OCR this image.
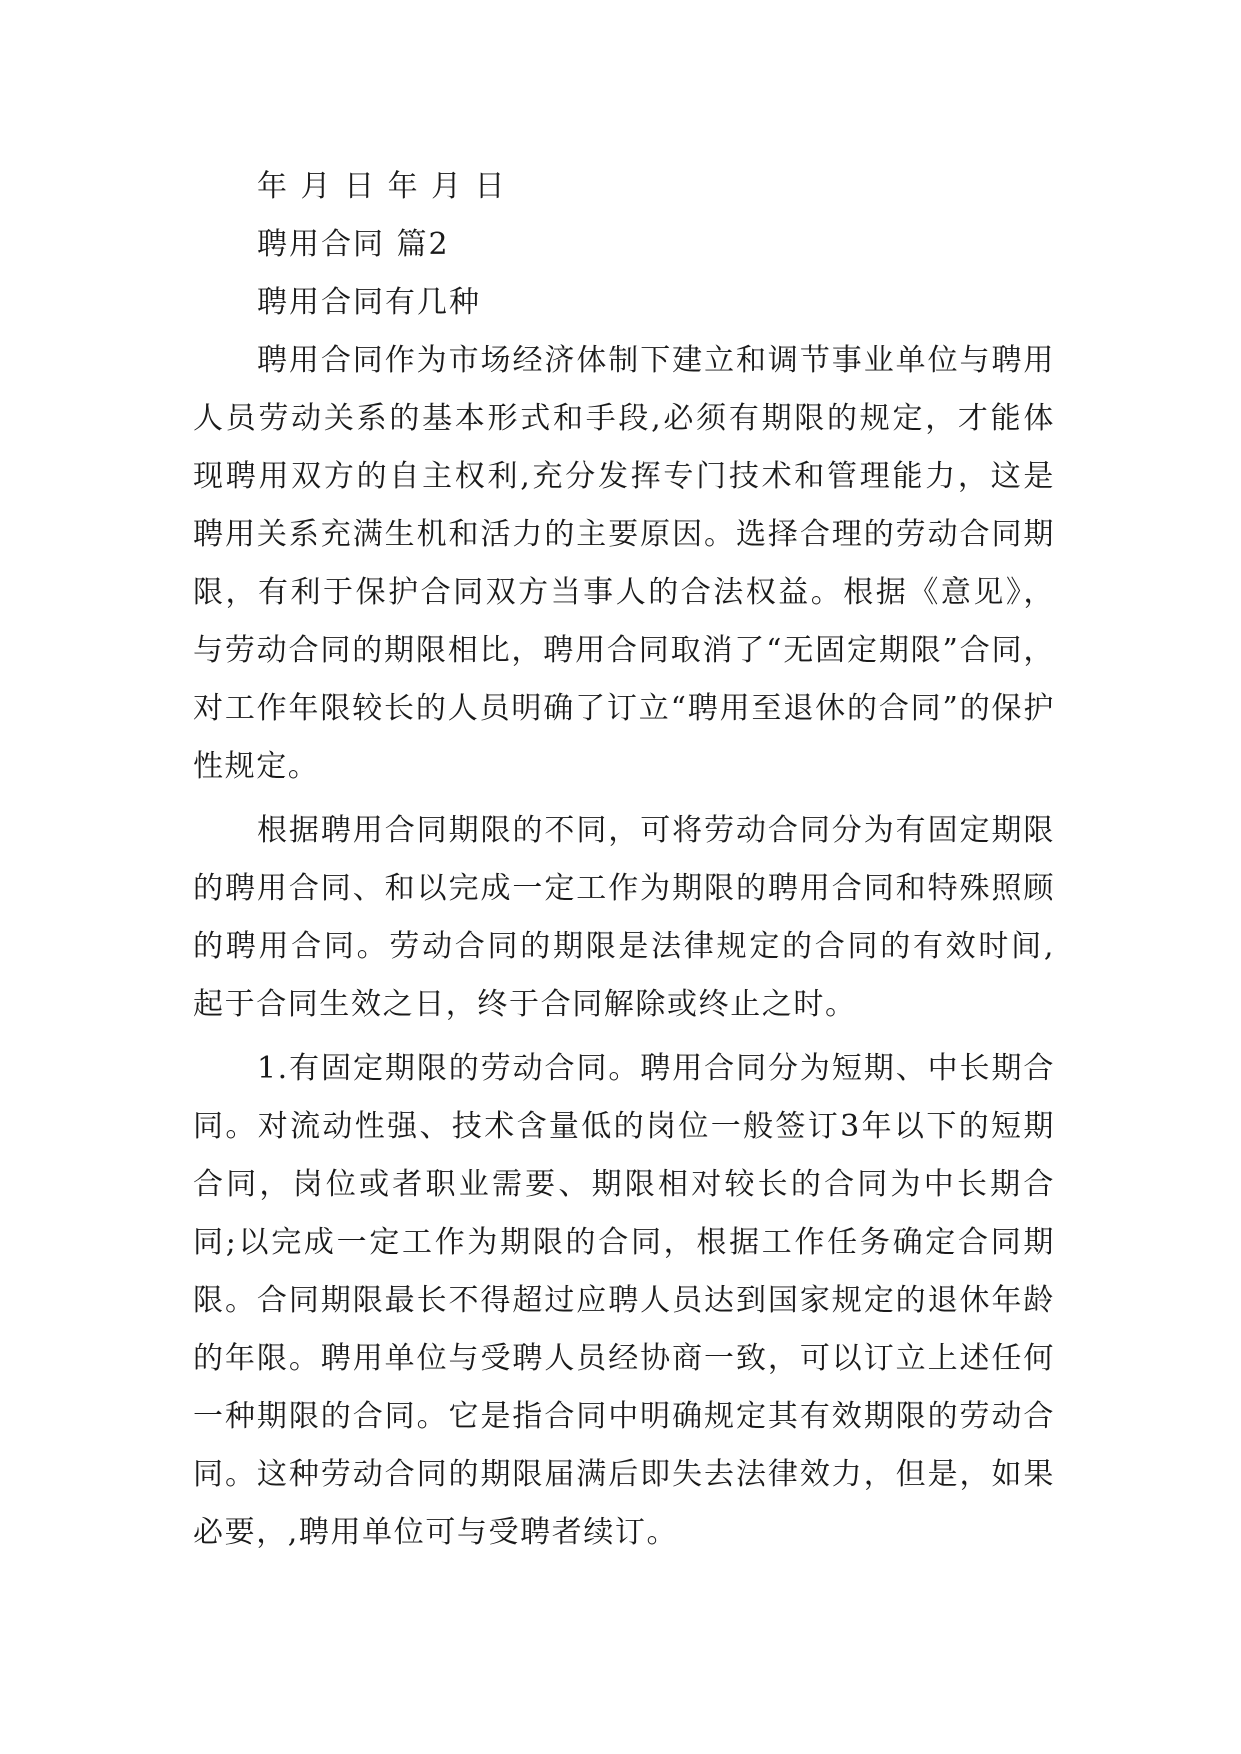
年 月 日 年 月 日
聘用合同 篇2
聘用合同有几种

聘用合同作为市场经济体制下建立和调节事业单位与聘用人员劳动关系的基本形式和手段,必须有期限的规定，才能体现聘用双方的自主权利,充分发挥专门技术和管理能力，这是聘用关系充满生机和活力的主要原因。选择合理的劳动合同期限，有利于保护合同双方当事人的合法权益。根据《意见》，与劳动合同的期限相比，聘用合同取消了“无固定期限”合同，对工作年限较长的人员明确了订立“聘用至退休的合同”的保护性规定。

根据聘用合同期限的不同，可将劳动合同分为有固定期限的聘用合同、和以完成一定工作为期限的聘用合同和特殊照顾的聘用合同。劳动合同的期限是法律规定的合同的有效时间,起于合同生效之日，终于合同解除或终止之时。

1.有固定期限的劳动合同。聘用合同分为短期、中长期合同。对流动性强、技术含量低的岗位一般签订3年以下的短期合同，岗位或者职业需要、期限相对较长的合同为中长期合同;以完成一定工作为期限的合同，根据工作任务确定合同期限。合同期限最长不得超过应聘人员达到国家规定的退休年龄的年限。聘用单位与受聘人员经协商一致，可以订立上述任何一种期限的合同。它是指合同中明确规定其有效期限的劳动合同。这种劳动合同的期限届满后即失去法律效力，但是，如果必要，,聘用单位可与受聘者续订。
